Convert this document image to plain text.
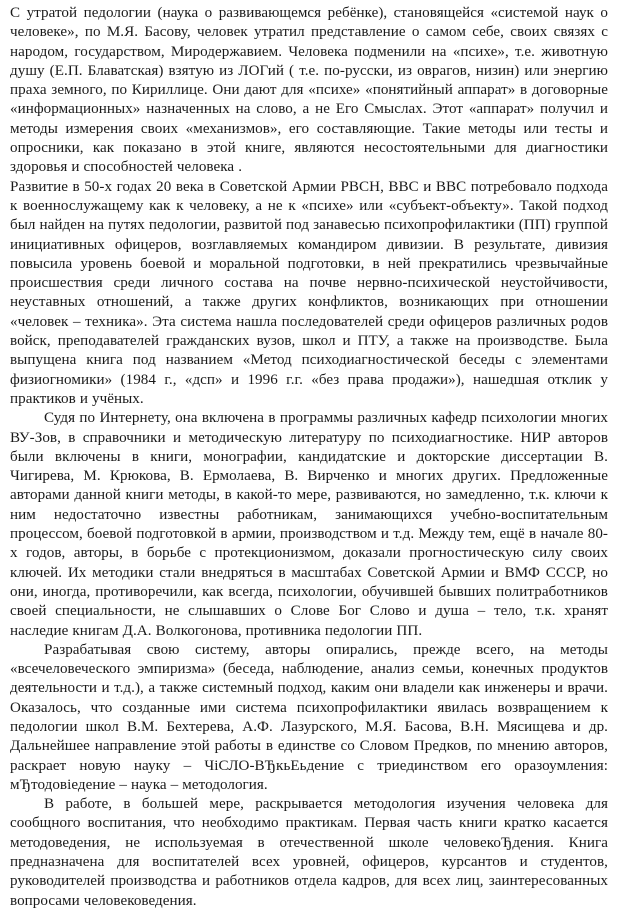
С утратой педологии (наука о развивающемся ребёнке), становящейся «системой наук о человеке», по М.Я. Басову, человек утратил представление о самом себе, своих связях с народом, государством, Миродержавием. Человека подменили на «психе», т.е. животную душу (Е.П. Блаватская) взятую из ЛОГий ( т.е. по-русски, из оврагов, низин) или энергию праха земного, по Кириллице. Они дают для «психе» «понятийный аппарат» в договорные «информационных» назначенных на слово, а не Его Смыслах. Этот «аппарат» получил и методы измерения своих «механизмов», его составляющие. Такие методы или тесты и опросники, как показано в этой книге, являются несостоятельными для диагностики здоровья и способностей человека .

Развитие в 50-х годах 20 века в Советской Армии РВСН, ВВС и ВВС потребовало подхода к военнослужащему как к человеку, а не к «психе» или «субъект-объекту». Такой подход был найден на путях педологии, развитой под занавесью психопрофилактики (ПП) группой инициативных офицеров, возглавляемых командиром дивизии. В результате, дивизия повысила уровень боевой и моральной подготовки, в ней прекратились чрезвычайные происшествия среди личного состава на почве нервно-психической неустойчивости, неуставных отношений, а также других конфликтов, возникающих при отношении «человек – техника». Эта система нашла последователей среди офицеров различных родов войск, преподавателей гражданских вузов, школ и ПТУ, а также на производстве. Была выпущена книга под названием «Метод психодиагностической беседы с элементами физиогномики» (1984 г., «дсп» и 1996 г.г. «без права продажи»), нашедшая отклик у практиков и учёных.

Судя по Интернету, она включена в программы различных кафедр психологии многих ВУ-Зов, в справочники и методическую литературу по психодиагностике. НИР авторов были включены в книги, монографии, кандидатские и докторские диссертации В. Чигирева, М. Крюкова, В. Ермолаева, В. Вирченко и многих других. Предложенные авторами данной книги методы, в какой-то мере, развиваются, но замедленно, т.к. ключи к ним недостаточно известны работникам, занимающихся учебно-воспитательным процессом, боевой подготовкой в армии, производством и т.д. Между тем, ещё в начале 80-х годов, авторы, в борьбе с протекционизмом, доказали прогностическую силу своих ключей. Их методики стали внедряться в масштабах Советской Армии и ВМФ СССР, но они, иногда, противоречили, как всегда, психологии, обучившей бывших политработников своей специальности, не слышавших о Слове Бог Слово и душа – тело, т.к. хранят наследие книгам Д.А. Волкогонова, противника педологии ПП.

Разрабатывая свою систему, авторы опирались, прежде всего, на методы «всечеловеческого эмпиризма» (беседа, наблюдение, анализ семьи, конечных продуктов деятельности и т.д.), а также системный подход, каким они владели как инженеры и врачи. Оказалось, что созданные ими система психопрофилактики явилась возвращением к педологии школ В.М. Бехтерева, А.Ф. Лазурского, М.Я. Басова, В.Н. Мясищева и др. Дальнейшее направление этой работы в единстве со Словом Предков, по мнению авторов, раскрает новую науку – ЧіСЛО-ВЂкьЕьдение с триединством его оразоумления: мЂтодовiедение – наука – методология.

В работе, в большей мере, раскрывается методология изучения человека для сообщного воспитания, что необходимо практикам. Первая часть книги кратко касается методоведения, не используемая в отечественной школе человекоЂдения. Книга предназначена для воспитателей всех уровней, офицеров, курсантов и студентов, руководителей производства и работников отдела кадров, для всех лиц, заинтересованных вопросами человековедения.
